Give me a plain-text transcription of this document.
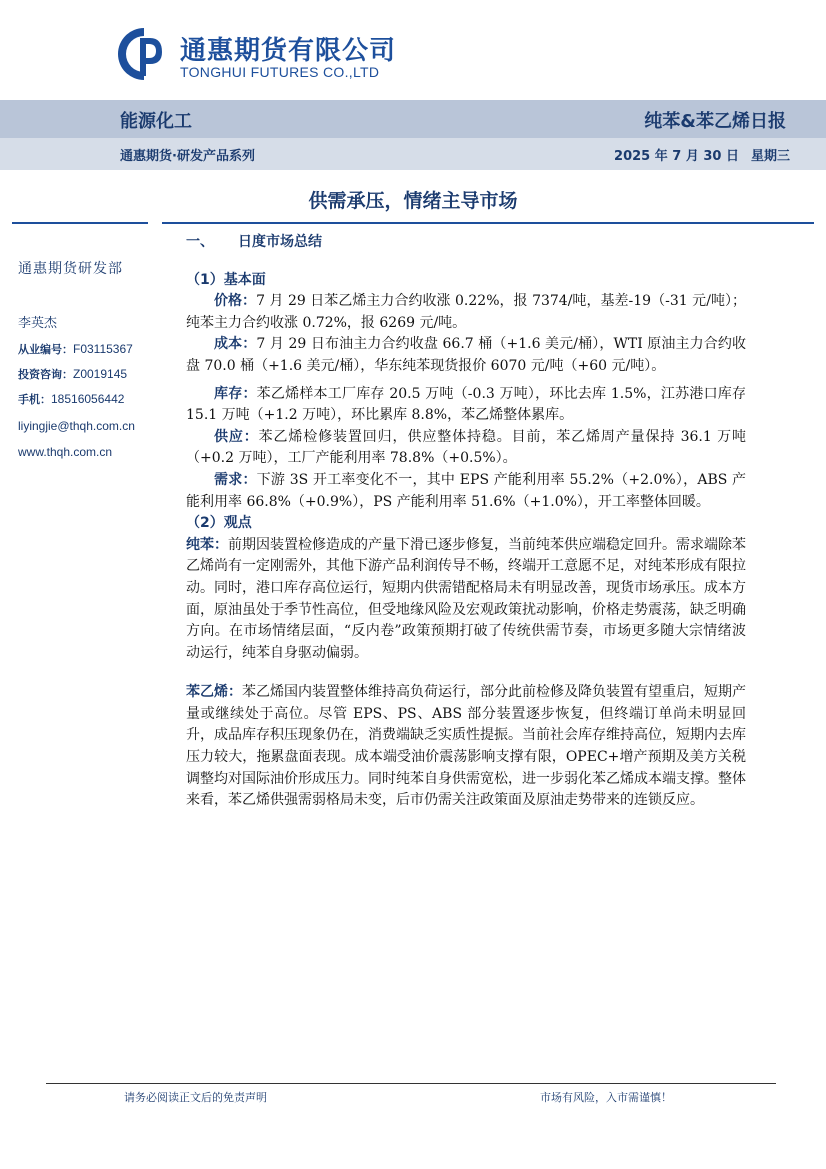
通惠期货有限公司
TONGHUI FUTURES CO.,LTD
能源化工	纯苯&苯乙烯日报
通惠期货·研发产品系列	2025 年 7 月 30 日 星期三
供需承压，情绪主导市场
通惠期货研发部
李英杰
从业编号：F03115367
投资咨询：Z0019145
手机：18516056442
liyingjie@thqh.com.cn
www.thqh.com.cn
一、 日度市场总结
（1）基本面

价格：7 月 29 日苯乙烯主力合约收涨 0.22%，报 7374/吨，基差-19（-31 元/吨）；纯苯主力合约收涨 0.72%，报 6269 元/吨。

成本：7 月 29 日布油主力合约收盘 66.7 桶（+1.6 美元/桶），WTI 原油主力合约收盘 70.0 桶（+1.6 美元/桶），华东纯苯现货报价 6070 元/吨（+60 元/吨）。

库存：苯乙烯样本工厂库存 20.5 万吨（-0.3 万吨），环比去库 1.5%，江苏港口库存 15.1 万吨（+1.2 万吨），环比累库 8.8%，苯乙烯整体累库。

供应：苯乙烯检修装置回归，供应整体持稳。目前，苯乙烯周产量保持 36.1 万吨（+0.2 万吨），工厂产能利用率 78.8%（+0.5%）。

需求：下游 3S 开工率变化不一，其中 EPS 产能利用率 55.2%（+2.0%），ABS 产能利用率 66.8%（+0.9%），PS 产能利用率 51.6%（+1.0%），开工率整体回暖。

（2）观点

纯苯：前期因装置检修造成的产量下滑已逐步修复，当前纯苯供应端稳定回升。需求端除苯乙烯尚有一定刚需外，其他下游产品利润传导不畅，终端开工意愿不足，对纯苯形成有限拉动。同时，港口库存高位运行，短期内供需错配格局未有明显改善，现货市场承压。成本方面，原油虽处于季节性高位，但受地缘风险及宏观政策扰动影响，价格走势震荡，缺乏明确方向。在市场情绪层面，“反内卷”政策预期打破了传统供需节奏，市场更多随大宗情绪波动运行，纯苯自身驱动偏弱。

苯乙烯：苯乙烯国内装置整体维持高负荷运行，部分此前检修及降负装置有望重启，短期产量或继续处于高位。尽管 EPS、PS、ABS 部分装置逐步恢复，但终端订单尚未明显回升，成品库存积压现象仍在，消费端缺乏实质性提振。当前社会库存维持高位，短期内去库压力较大，拖累盘面表现。成本端受油价震荡影响支撑有限，OPEC+增产预期及美方关税调整均对国际油价形成压力。同时纯苯自身供需宽松，进一步弱化苯乙烯成本端支撑。整体来看，苯乙烯供强需弱格局未变，后市仍需关注政策面及原油走势带来的连锁反应。

请务必阅读正文后的免责声明	市场有风险，入市需谨慎！
